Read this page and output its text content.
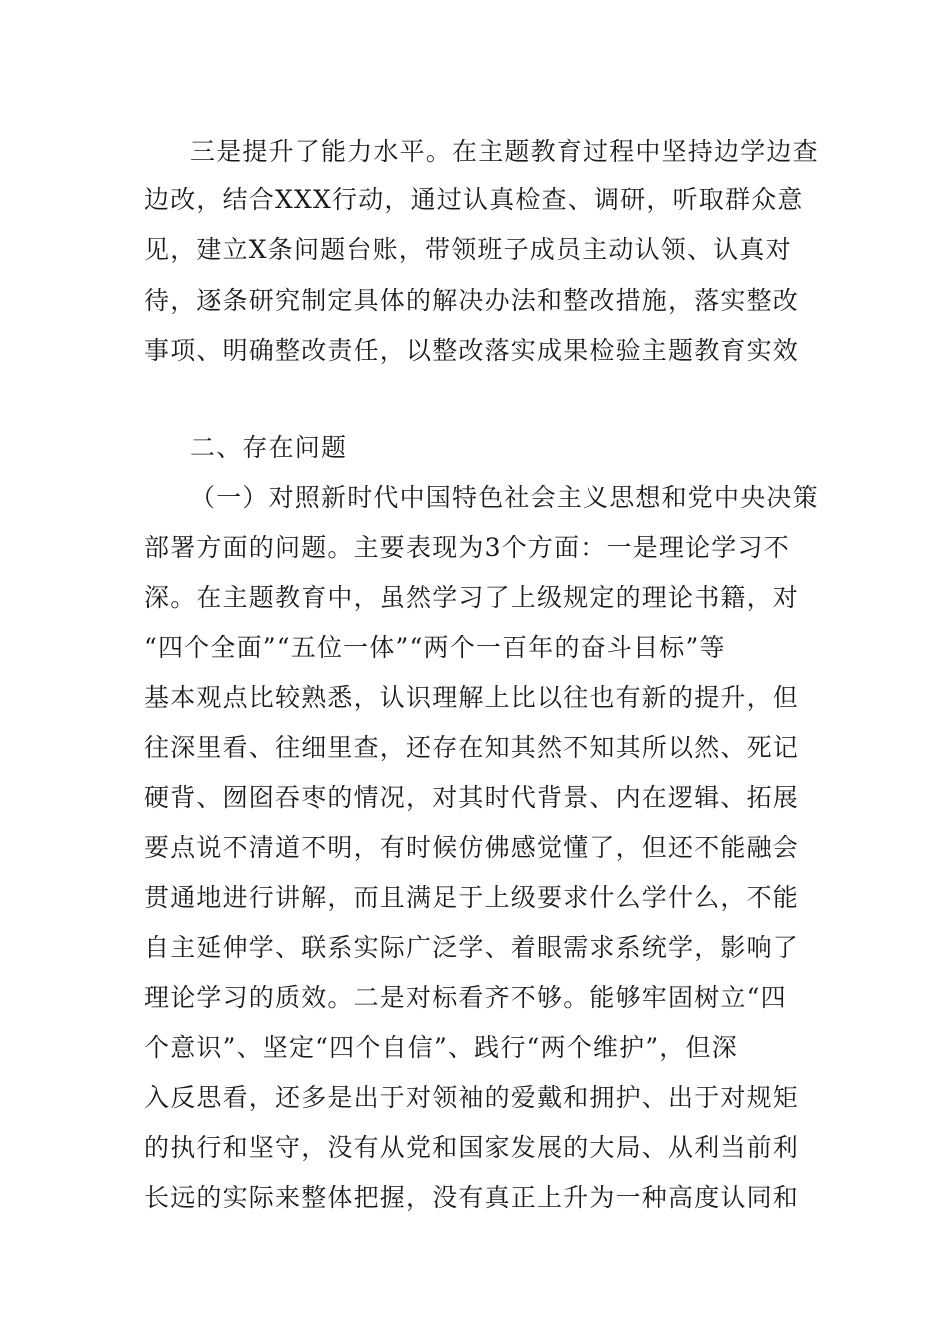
三是提升了能力水平。在主题教育过程中坚持边学边查
边改，结合XXX行动，通过认真检查、调研，听取群众意
见，建立X条问题台账，带领班子成员主动认领、认真对
待，逐条研究制定具体的解决办法和整改措施，落实整改
事项、明确整改责任，以整改落实成果检验主题教育实效
二、存在问题
（一）对照新时代中国特色社会主义思想和党中央决策
部署方面的问题。主要表现为3个方面：一是理论学习不
深。在主题教育中，虽然学习了上级规定的理论书籍，对
“四个全面”“五位一体”“两个一百年的奋斗目标”等
基本观点比较熟悉，认识理解上比以往也有新的提升，但
往深里看、往细里查，还存在知其然不知其所以然、死记
硬背、囫囵吞枣的情况，对其时代背景、内在逻辑、拓展
要点说不清道不明，有时候仿佛感觉懂了，但还不能融会
贯通地进行讲解，而且满足于上级要求什么学什么，不能
自主延伸学、联系实际广泛学、着眼需求系统学，影响了
理论学习的质效。二是对标看齐不够。能够牢固树立“四
个意识”、坚定“四个自信”、践行“两个维护”，但深
入反思看，还多是出于对领袖的爱戴和拥护、出于对规矩
的执行和坚守，没有从党和国家发展的大局、从利当前利
长远的实际来整体把握，没有真正上升为一种高度认同和
